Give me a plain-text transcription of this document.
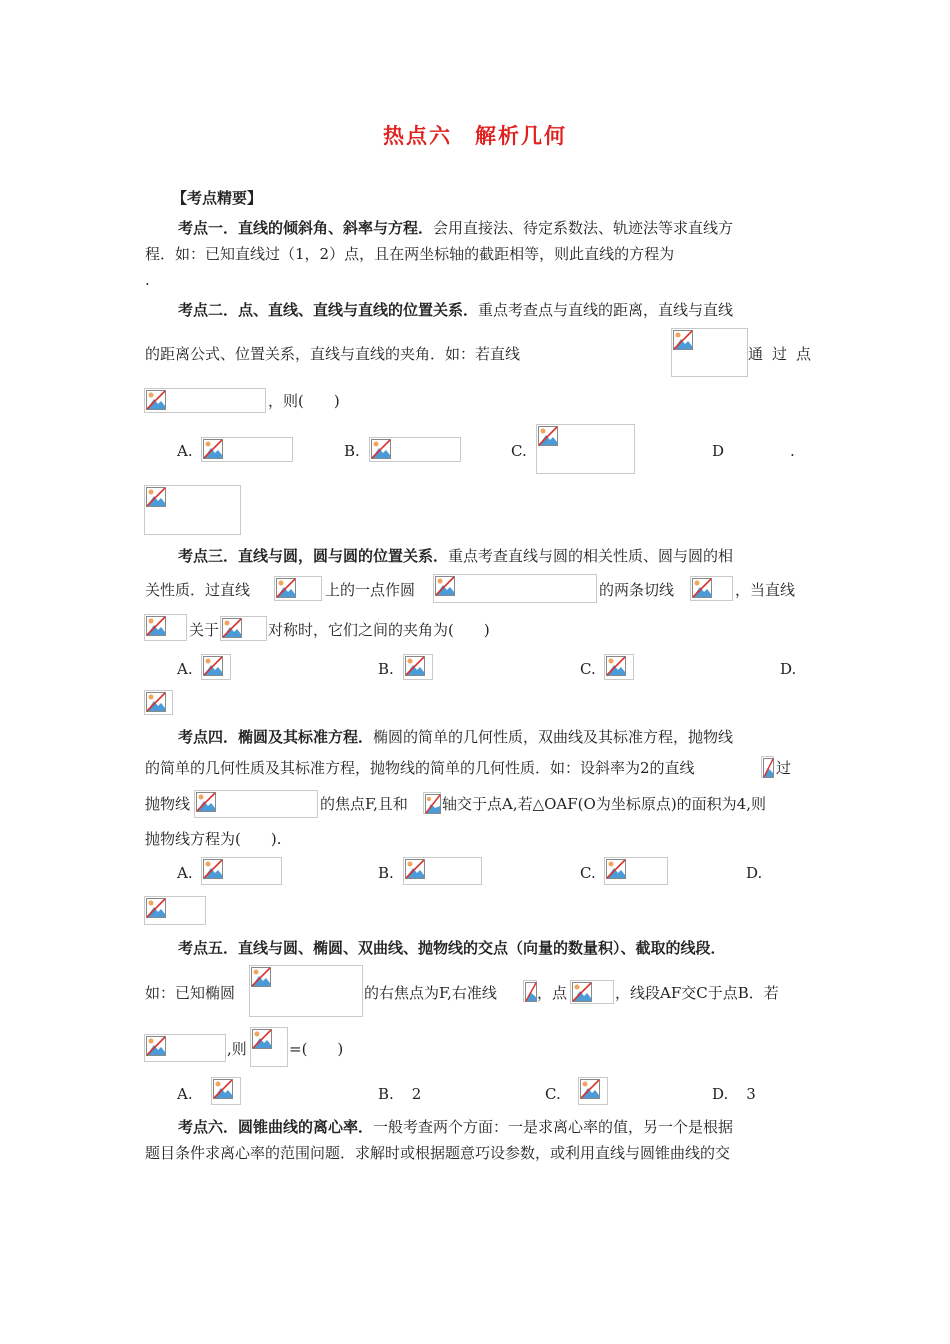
热点六　解析几何
【考点精要】
考点一．直线的倾斜角、斜率与方程．会用直接法、待定系数法、轨迹法等求直线方
程．如：已知直线过（1，2）点，且在两坐标轴的截距相等，则此直线的方程为
.
考点二．点、直线、直线与直线的位置关系．重点考查点与直线的距离，直线与直线
的距离公式、位置关系，直线与直线的夹角．如：若直线	通过点
，则(　　)
A.	B.	C.	D	.
考点三．直线与圆，圆与圆的位置关系．重点考查直线与圆的相关性质、圆与圆的相
关性质．过直线	上的一点作圆	的两条切线	，当直线
关于	对称时，它们之间的夹角为(　　)
A.	B.	C.	D.
考点四．椭圆及其标准方程．椭圆的简单的几何性质，双曲线及其标准方程，抛物线
的简单的几何性质及其标准方程，抛物线的简单的几何性质．如：设斜率为2的直线	过
抛物线	的焦点F,且和 轴交于点A,若△OAF(O为坐标原点)的面积为4,则
抛物线方程为(　　).
A.	B.	C.	D.
考点五．直线与圆、椭圆、双曲线、抛物线的交点（向量的数量积）、截取的线段．
如：已知椭圆	的右焦点为F,右准线	，点	，线段AF交C于点B．若
,则	=(　　)
A.	B. 2	C.	D. 3
考点六．圆锥曲线的离心率．一般考查两个方面：一是求离心率的值，另一个是根据
题目条件求离心率的范围问题．求解时或根据题意巧设参数，或利用直线与圆锥曲线的交
